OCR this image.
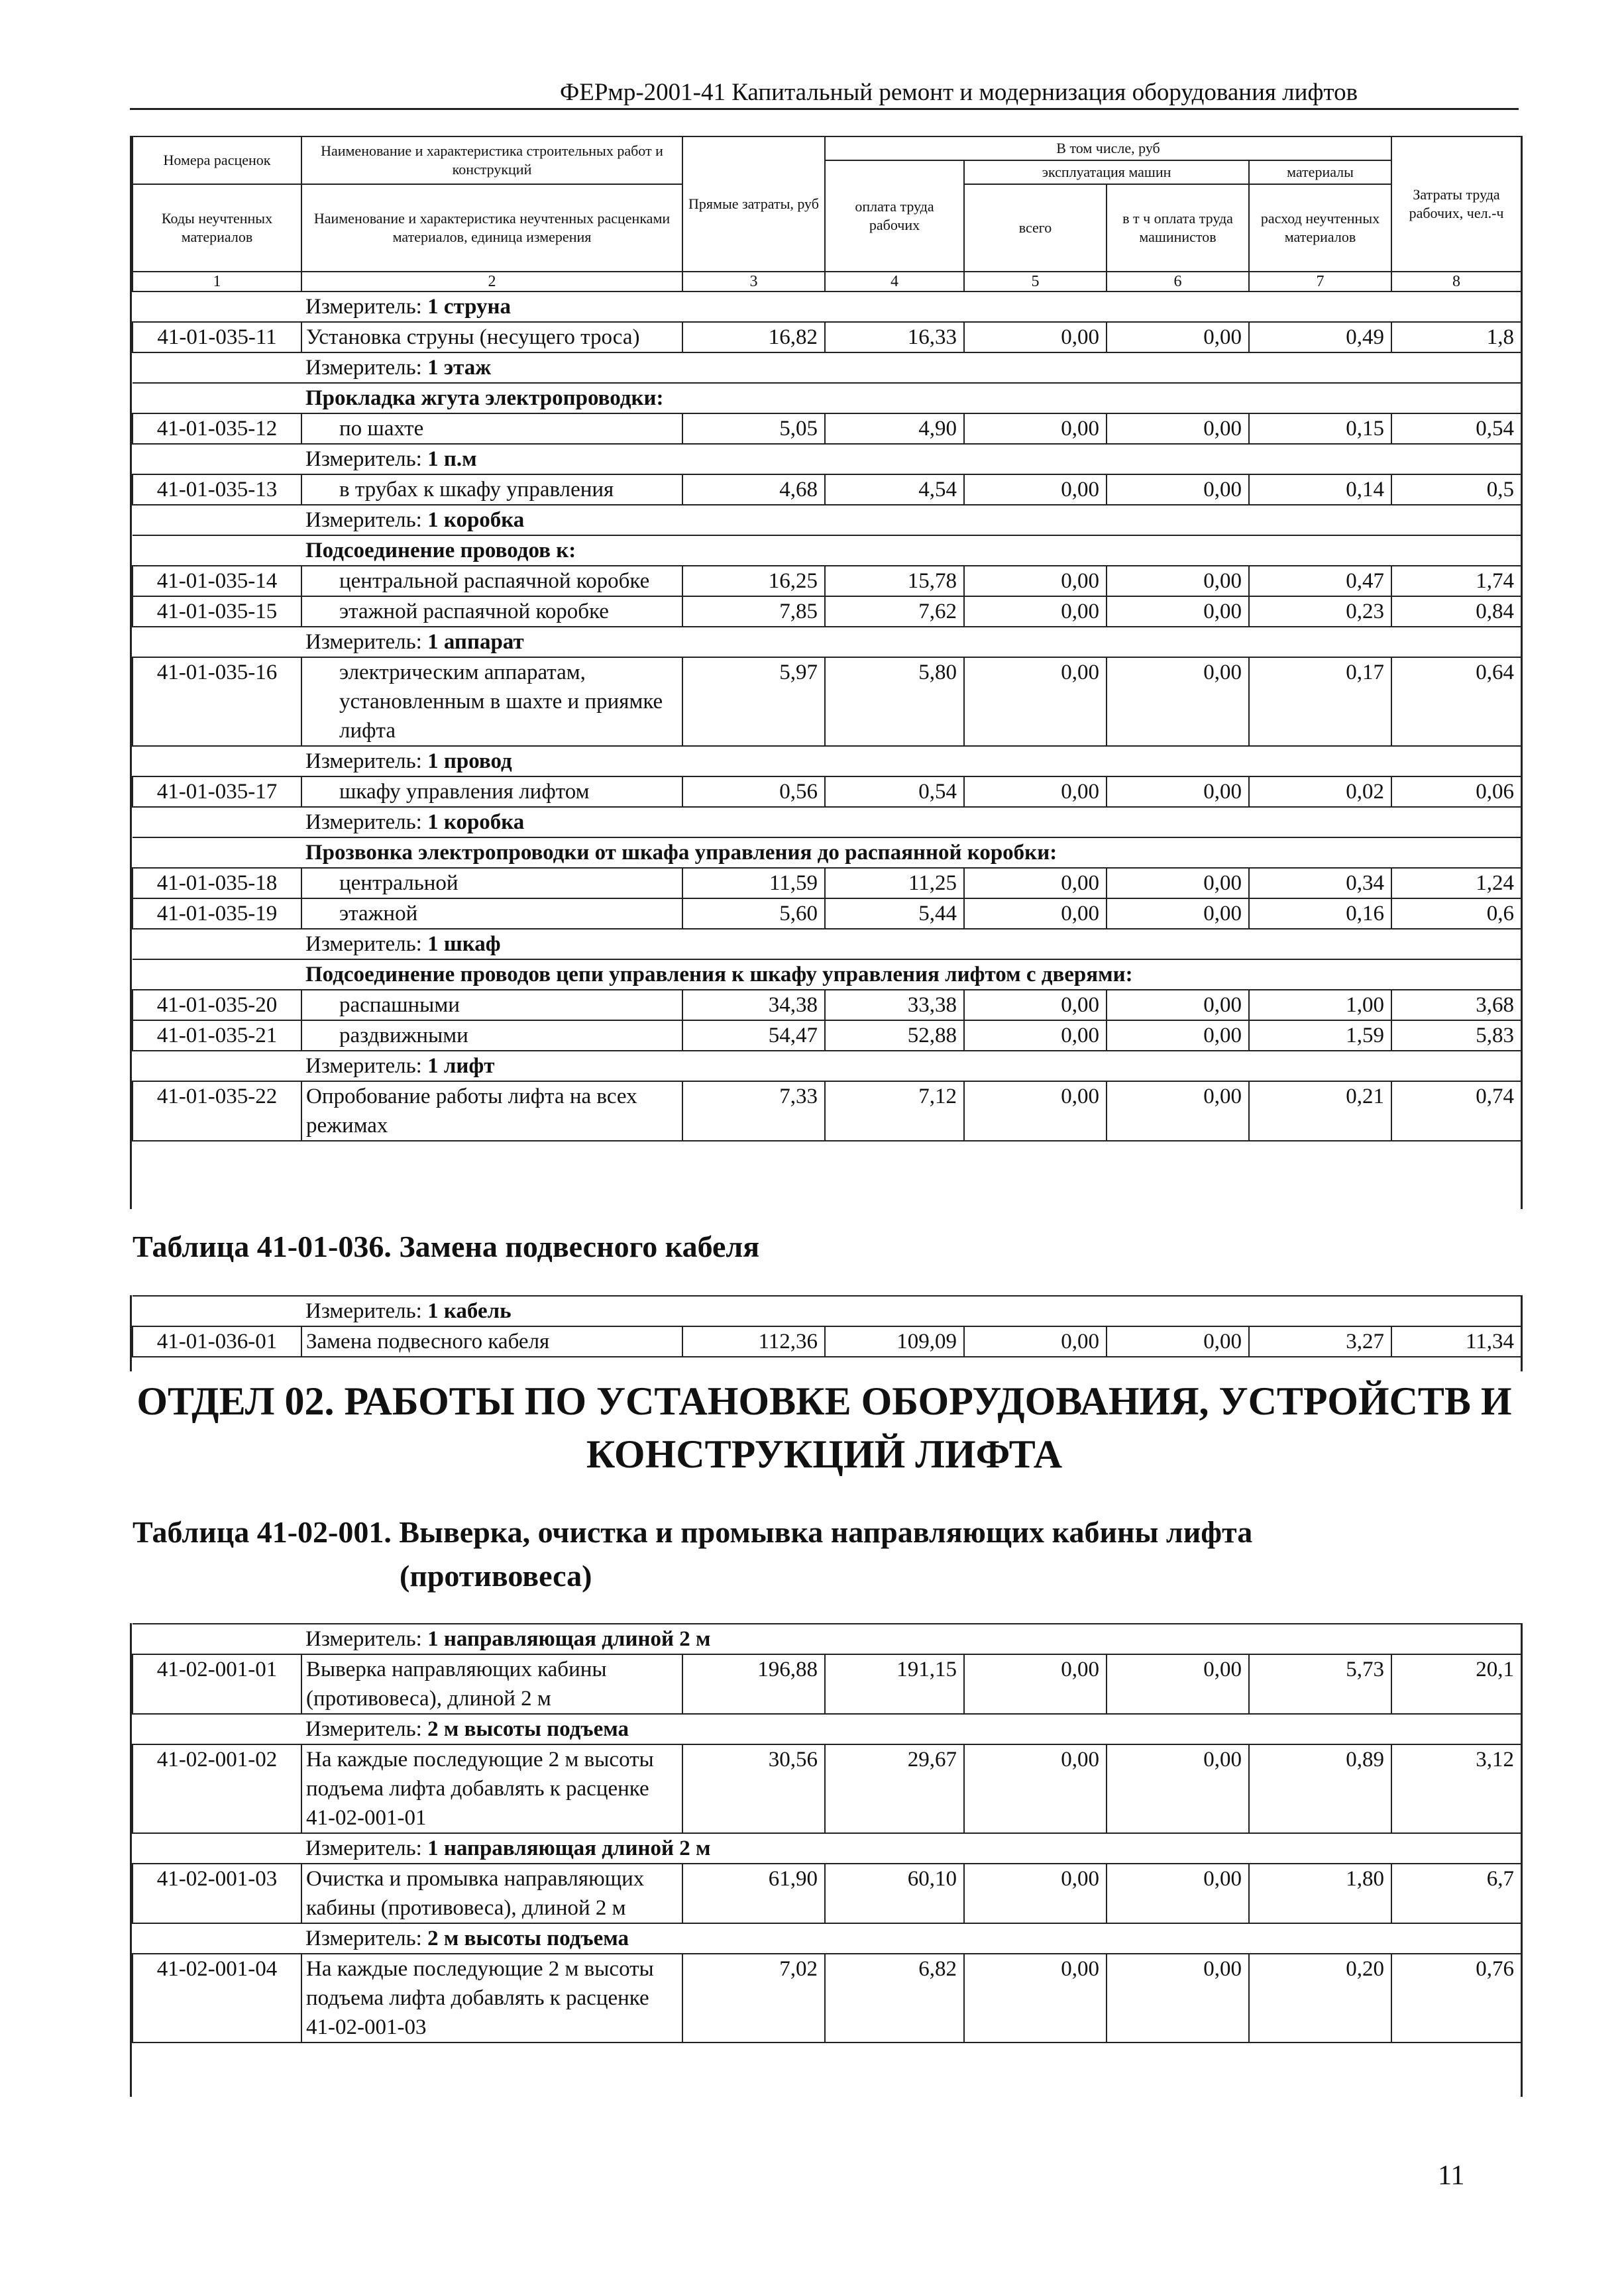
ФЕРмр-2001-41 Капитальный ремонт и модернизация оборудования лифтов
Номера расценок	Наименование и характеристика строительных работ и конструкций	Прямые затраты, руб	В том числе, руб				Затраты труда рабочих, чел.-ч
			оплата труда рабочих	эксплуатация машин		материалы	
Коды неучтенных материалов	Наименование и характеристика неучтенных расценками материалов, единица измерения			всего	в т ч оплата труда машинистов	расход неучтенных материалов	

1	2	3	4	5	6	7	8
	Измеритель: 1 струна						
41-01-035-11	Установка струны (несущего троса)	16,82	16,33	0,00	0,00	0,49	1,8
	Измеритель: 1 этаж						
	Прокладка жгута электропроводки:						
41-01-035-12	по шахте	5,05	4,90	0,00	0,00	0,15	0,54
	Измеритель: 1 п.м						
41-01-035-13	в трубах к шкафу управления	4,68	4,54	0,00	0,00	0,14	0,5
	Измеритель: 1 коробка						
	Подсоединение проводов к:						
41-01-035-14	центральной распаячной коробке	16,25	15,78	0,00	0,00	0,47	1,74
41-01-035-15	этажной распаячной коробке	7,85	7,62	0,00	0,00	0,23	0,84
	Измеритель: 1 аппарат						
41-01-035-16	электрическим аппаратам, установленным в шахте и приямке лифта	5,97	5,80	0,00	0,00	0,17	0,64
	Измеритель: 1 провод						
41-01-035-17	шкафу управления лифтом	0,56	0,54	0,00	0,00	0,02	0,06
	Измеритель: 1 коробка						
	Прозвонка электропроводки от шкафа управления до распаянной коробки:						
41-01-035-18	центральной	11,59	11,25	0,00	0,00	0,34	1,24
41-01-035-19	этажной	5,60	5,44	0,00	0,00	0,16	0,6
	Измеритель: 1 шкаф						
	Подсоединение проводов цепи управления к шкафу управления лифтом с дверями:						
41-01-035-20	распашными	34,38	33,38	0,00	0,00	1,00	3,68
41-01-035-21	раздвижными	54,47	52,88	0,00	0,00	1,59	5,83
	Измеритель: 1 лифт						
41-01-035-22	Опробование работы лифта на всех режимах	7,33	7,12	0,00	0,00	0,21	0,74
Таблица 41-01-036. Замена подвесного кабеля
	Измеритель: 1 кабель						
41-01-036-01	Замена подвесного кабеля	112,36	109,09	0,00	0,00	3,27	11,34
ОТДЕЛ 02. РАБОТЫ ПО УСТАНОВКЕ ОБОРУДОВАНИЯ, УСТРОЙСТВ И КОНСТРУКЦИЙ ЛИФТА
Таблица 41-02-001. Выверка, очистка и промывка направляющих кабины лифта
(противовеса)
	Измеритель: 1 направляющая длиной 2 м						
41-02-001-01	Выверка направляющих кабины (противовеса), длиной 2 м	196,88	191,15	0,00	0,00	5,73	20,1
	Измеритель: 2 м высоты подъема						
41-02-001-02	На каждые последующие 2 м высоты подъема лифта добавлять к расценке 41-02-001-01	30,56	29,67	0,00	0,00	0,89	3,12
	Измеритель: 1 направляющая длиной 2 м						
41-02-001-03	Очистка и промывка направляющих кабины (противовеса), длиной 2 м	61,90	60,10	0,00	0,00	1,80	6,7
	Измеритель: 2 м высоты подъема						
41-02-001-04	На каждые последующие 2 м высоты подъема лифта добавлять к расценке 41-02-001-03	7,02	6,82	0,00	0,00	0,20	0,76
11
